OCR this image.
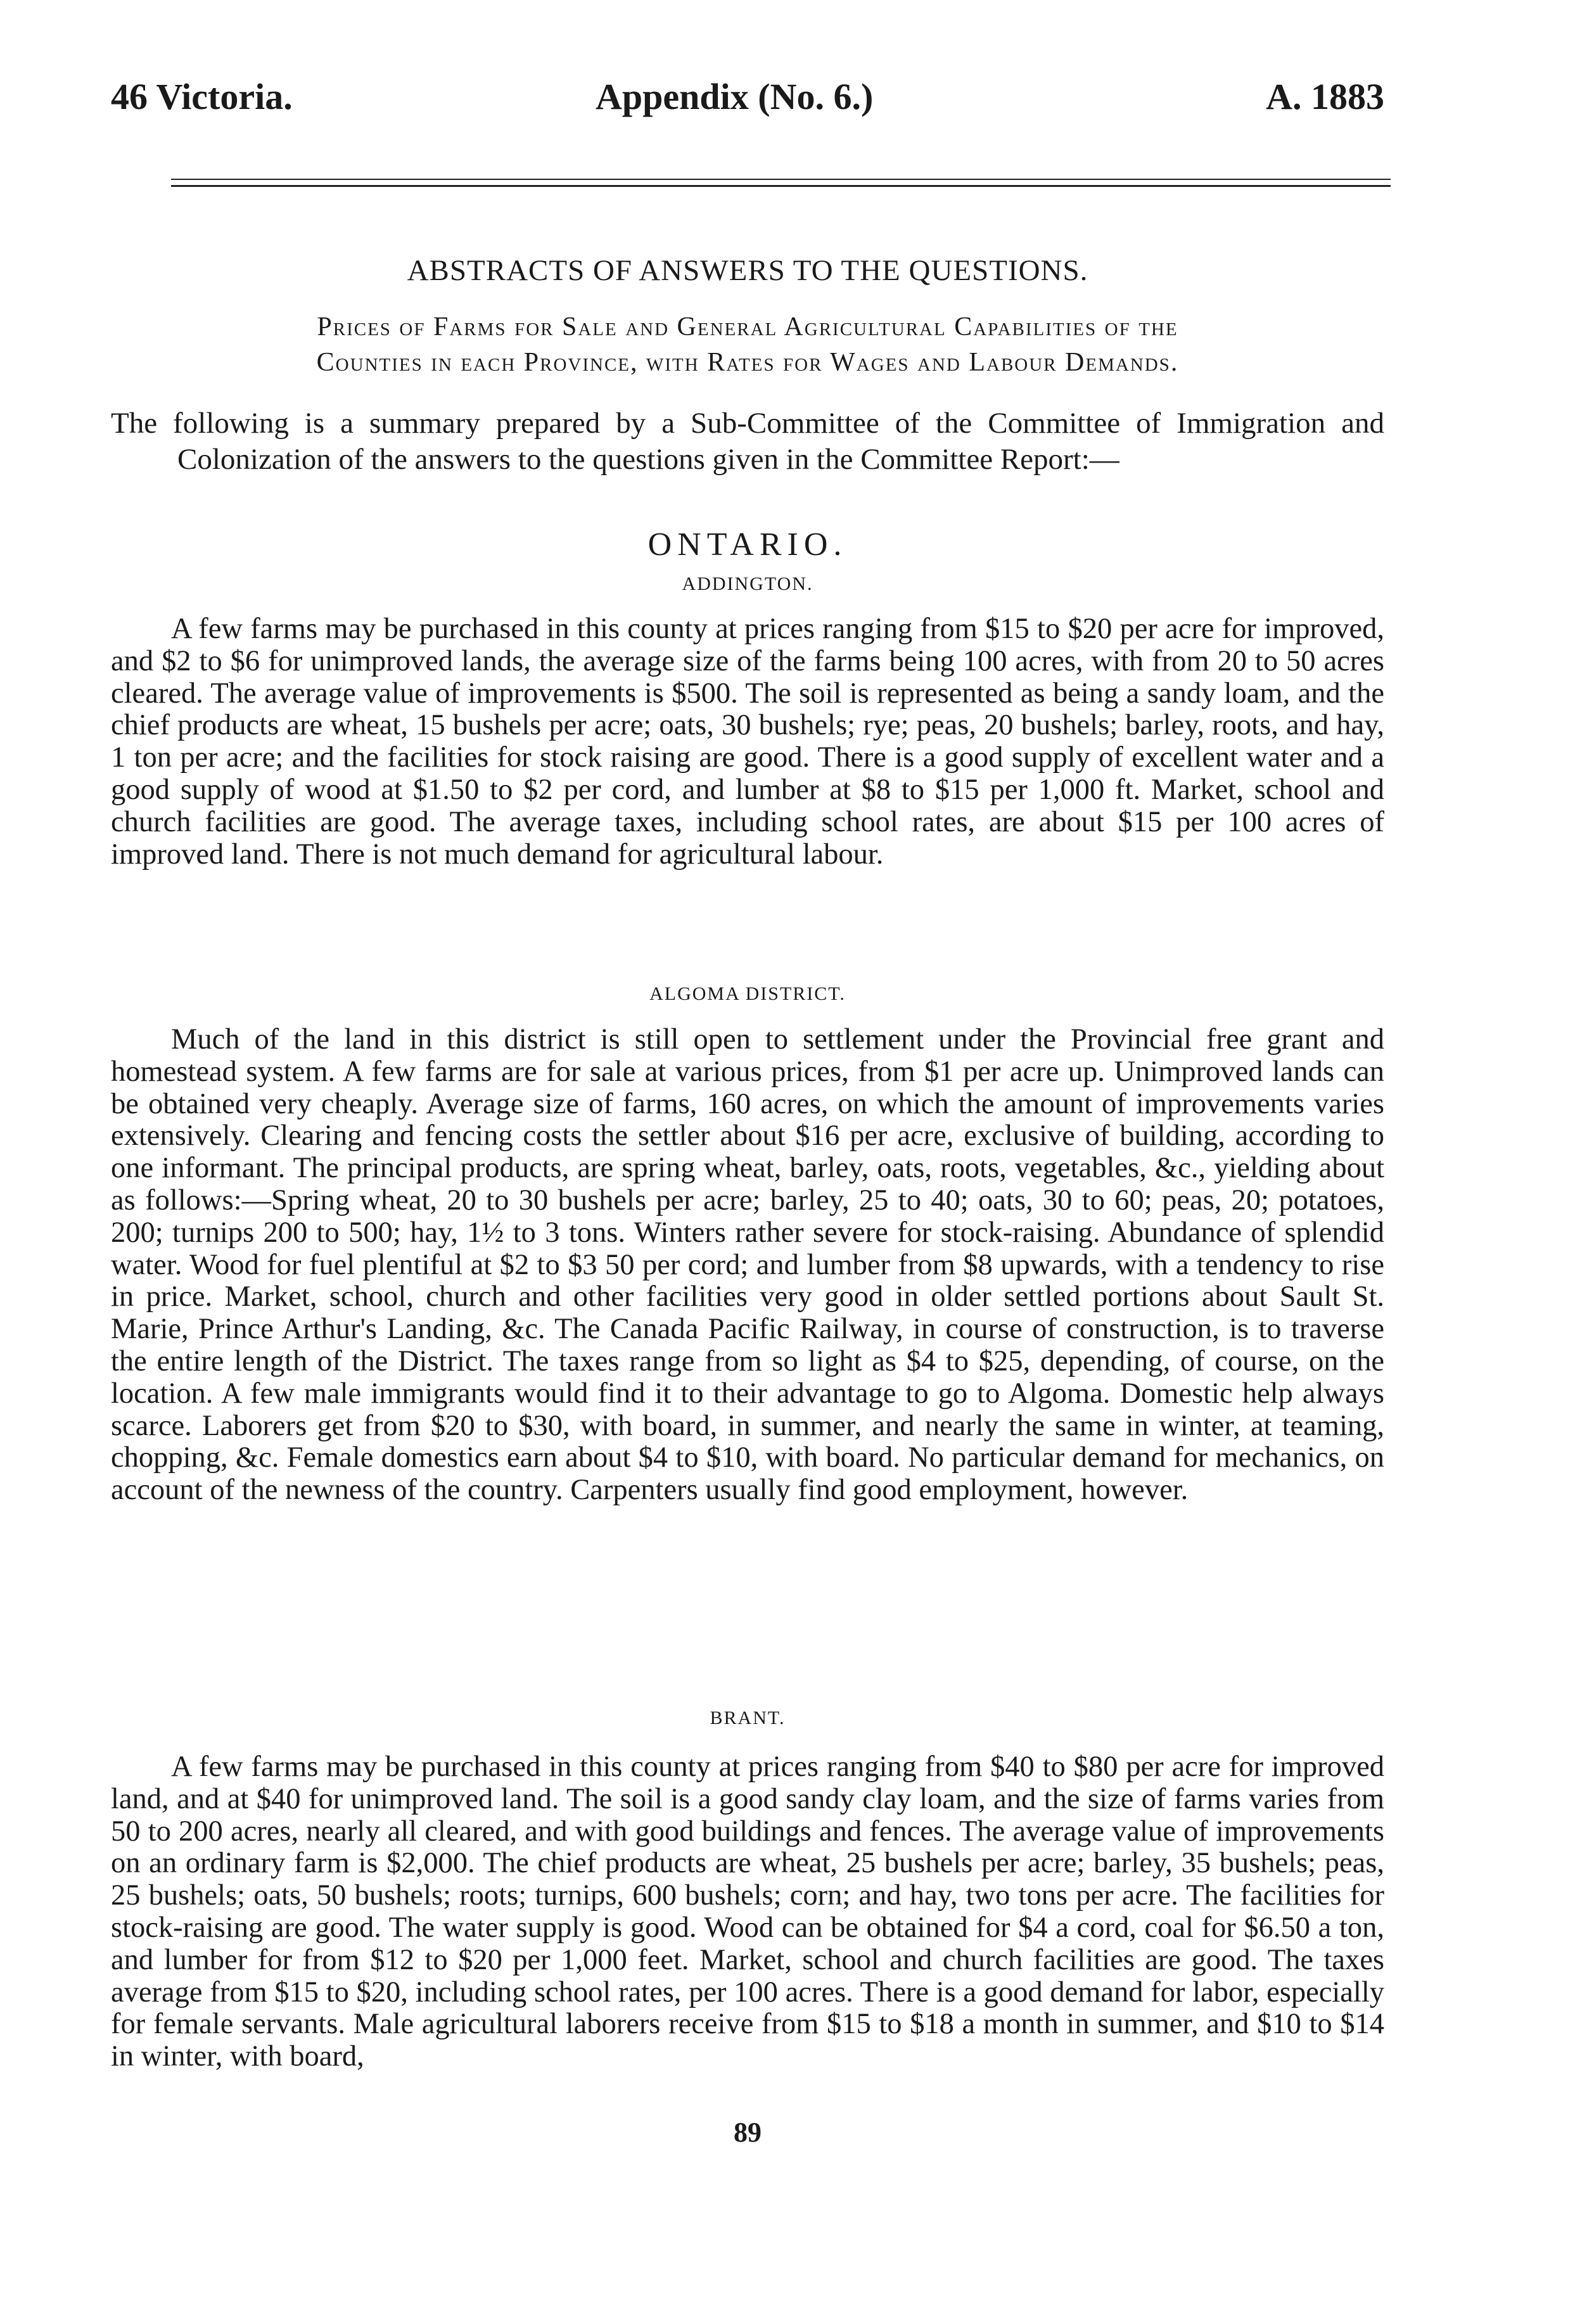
46 Victoria.	Appendix (No. 6.)	A. 1883
ABSTRACTS OF ANSWERS TO THE QUESTIONS.
Prices of Farms for Sale and General Agricultural Capabilities of the
Counties in each Province, with Rates for Wages and Labour Demands.
The following is a summary prepared by a Sub-Committee of the Committee of Immigration and Colonization of the answers to the questions given in the Committee Report:—
ONTARIO.
ADDINGTON.
A few farms may be purchased in this county at prices ranging from $15 to $20 per acre for improved, and $2 to $6 for unimproved lands, the average size of the farms being 100 acres, with from 20 to 50 acres cleared. The average value of improvements is $500. The soil is represented as being a sandy loam, and the chief products are wheat, 15 bushels per acre; oats, 30 bushels; rye; peas, 20 bushels; barley, roots, and hay, 1 ton per acre; and the facilities for stock raising are good. There is a good supply of excellent water and a good supply of wood at $1.50 to $2 per cord, and lumber at $8 to $15 per 1,000 ft. Market, school and church facilities are good. The average taxes, including school rates, are about $15 per 100 acres of improved land. There is not much demand for agricultural labour.
ALGOMA DISTRICT.
Much of the land in this district is still open to settlement under the Provincial free grant and homestead system. A few farms are for sale at various prices, from $1 per acre up. Unimproved lands can be obtained very cheaply. Average size of farms, 160 acres, on which the amount of improvements varies extensively. Clearing and fencing costs the settler about $16 per acre, exclusive of building, according to one informant. The principal products, are spring wheat, barley, oats, roots, vegetables, &c., yielding about as follows:—Spring wheat, 20 to 30 bushels per acre; barley, 25 to 40; oats, 30 to 60; peas, 20; potatoes, 200; turnips 200 to 500; hay, 1½ to 3 tons. Winters rather severe for stock-raising. Abundance of splendid water. Wood for fuel plentiful at $2 to $3 50 per cord; and lumber from $8 upwards, with a tendency to rise in price. Market, school, church and other facilities very good in older settled portions about Sault St. Marie, Prince Arthur's Landing, &c. The Canada Pacific Railway, in course of construction, is to traverse the entire length of the District. The taxes range from so light as $4 to $25, depending, of course, on the location. A few male immigrants would find it to their advantage to go to Algoma. Domestic help always scarce. Laborers get from $20 to $30, with board, in summer, and nearly the same in winter, at teaming, chopping, &c. Female domestics earn about $4 to $10, with board. No particular demand for mechanics, on account of the newness of the country. Carpenters usually find good employment, however.
BRANT.
A few farms may be purchased in this county at prices ranging from $40 to $80 per acre for improved land, and at $40 for unimproved land. The soil is a good sandy clay loam, and the size of farms varies from 50 to 200 acres, nearly all cleared, and with good buildings and fences. The average value of improvements on an ordinary farm is $2,000. The chief products are wheat, 25 bushels per acre; barley, 35 bushels; peas, 25 bushels; oats, 50 bushels; roots; turnips, 600 bushels; corn; and hay, two tons per acre. The facilities for stock-raising are good. The water supply is good. Wood can be obtained for $4 a cord, coal for $6.50 a ton, and lumber for from $12 to $20 per 1,000 feet. Market, school and church facilities are good. The taxes average from $15 to $20, including school rates, per 100 acres. There is a good demand for labor, especially for female servants. Male agricultural laborers receive from $15 to $18 a month in summer, and $10 to $14 in winter, with board,
89
